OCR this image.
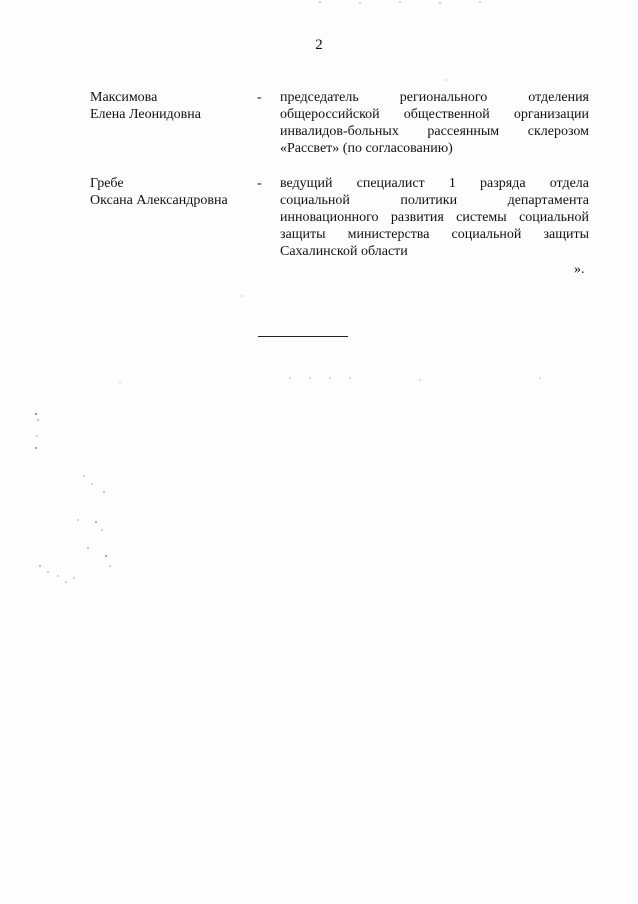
2
Максимова
Елена Леонидовна
- председатель регионального отделения
общероссийской общественной организации
инвалидов-больных рассеянным склерозом
«Рассвет» (по согласованию)
Гребе
Оксана Александровна
- ведущий специалист 1 разряда отдела
социальной политики департамента
инновационного развития системы социальной
защиты министерства социальной защиты
Сахалинской области
».
